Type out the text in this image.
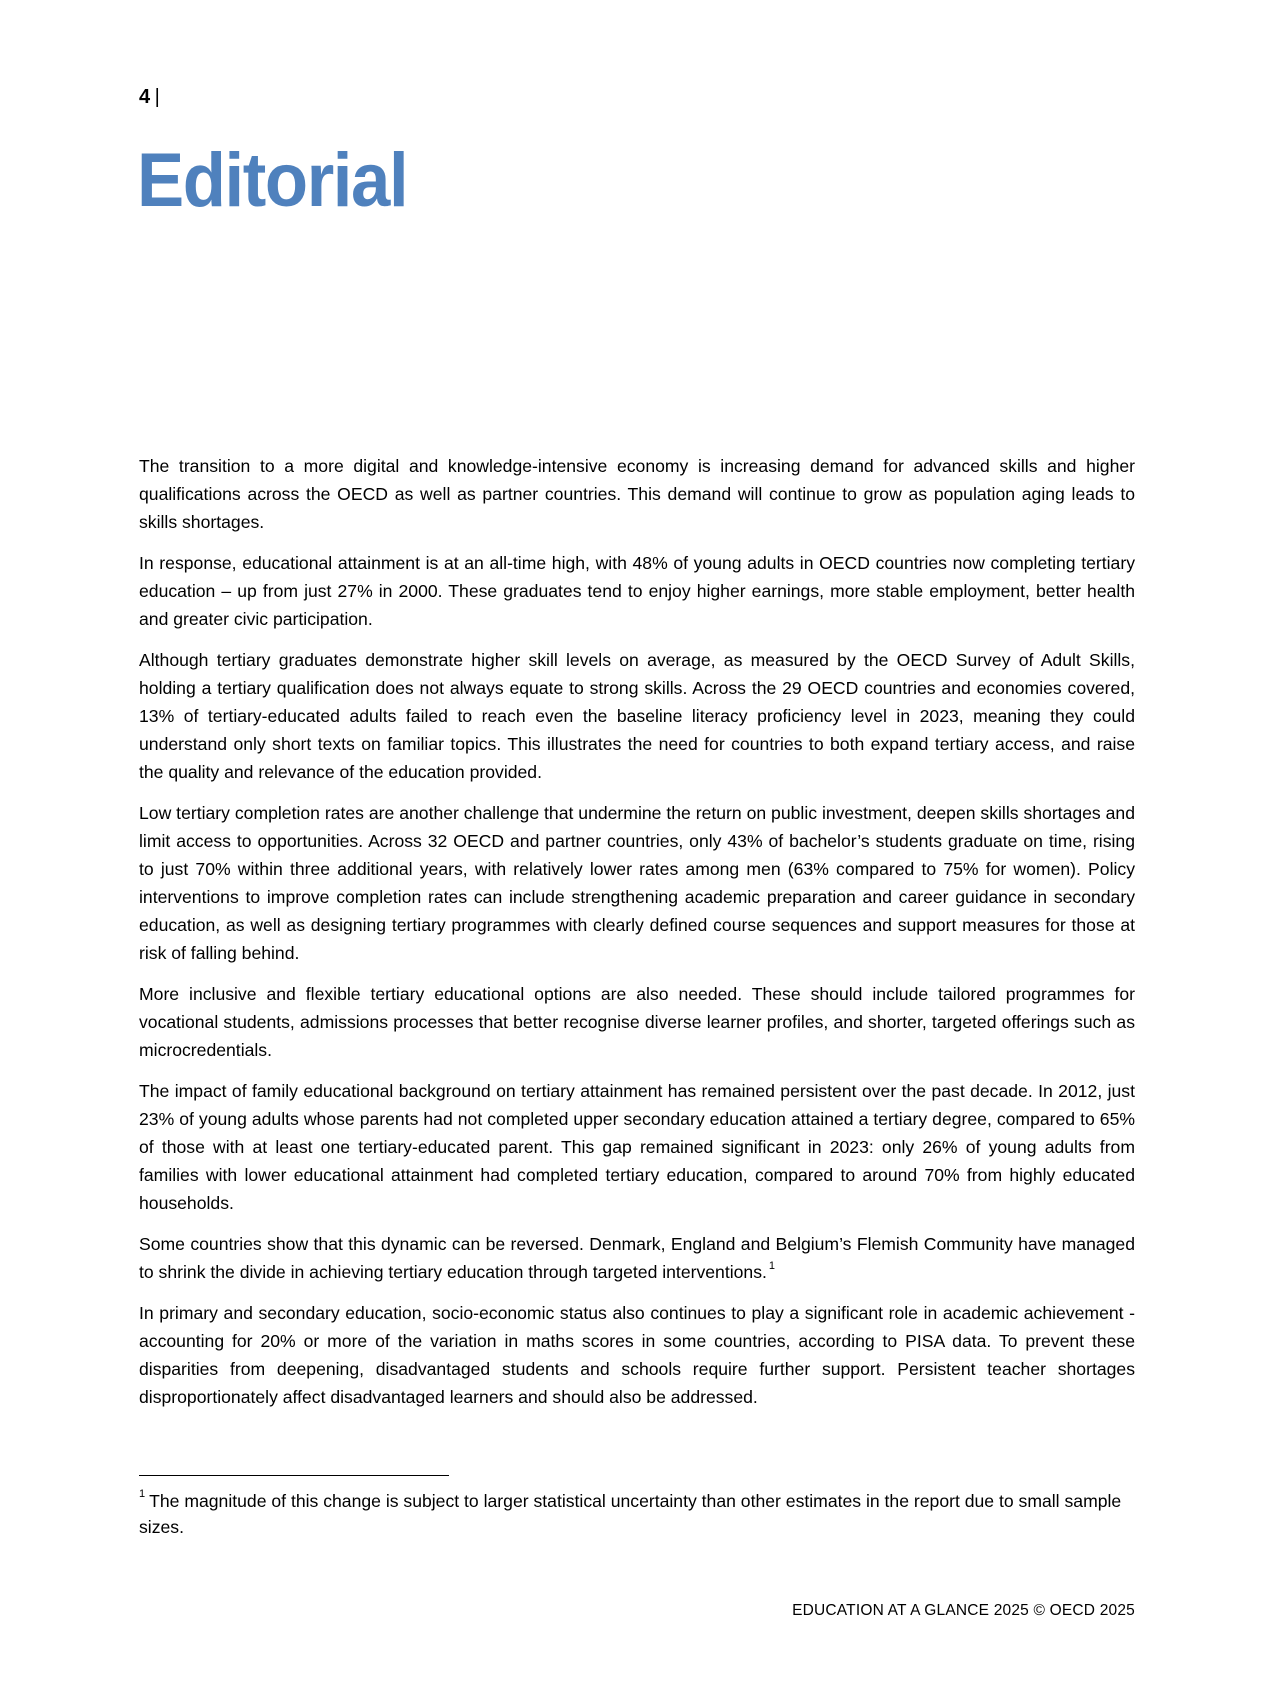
4 |
Editorial

The transition to a more digital and knowledge-intensive economy is increasing demand for advanced skills and higher qualifications across the OECD as well as partner countries. This demand will continue to grow as population aging leads to skills shortages.

In response, educational attainment is at an all-time high, with 48% of young adults in OECD countries now completing tertiary education – up from just 27% in 2000. These graduates tend to enjoy higher earnings, more stable employment, better health and greater civic participation.

Although tertiary graduates demonstrate higher skill levels on average, as measured by the OECD Survey of Adult Skills, holding a tertiary qualification does not always equate to strong skills. Across the 29 OECD countries and economies covered, 13% of tertiary-educated adults failed to reach even the baseline literacy proficiency level in 2023, meaning they could understand only short texts on familiar topics. This illustrates the need for countries to both expand tertiary access, and raise the quality and relevance of the education provided.

Low tertiary completion rates are another challenge that undermine the return on public investment, deepen skills shortages and limit access to opportunities. Across 32 OECD and partner countries, only 43% of bachelor’s students graduate on time, rising to just 70% within three additional years, with relatively lower rates among men (63% compared to 75% for women). Policy interventions to improve completion rates can include strengthening academic preparation and career guidance in secondary education, as well as designing tertiary programmes with clearly defined course sequences and support measures for those at risk of falling behind.

More inclusive and flexible tertiary educational options are also needed. These should include tailored programmes for vocational students, admissions processes that better recognise diverse learner profiles, and shorter, targeted offerings such as microcredentials.

The impact of family educational background on tertiary attainment has remained persistent over the past decade. In 2012, just 23% of young adults whose parents had not completed upper secondary education attained a tertiary degree, compared to 65% of those with at least one tertiary-educated parent. This gap remained significant in 2023: only 26% of young adults from families with lower educational attainment had completed tertiary education, compared to around 70% from highly educated households.

Some countries show that this dynamic can be reversed. Denmark, England and Belgium’s Flemish Community have managed to shrink the divide in achieving tertiary education through targeted interventions. $^1$

In primary and secondary education, socio-economic status also continues to play a significant role in academic achievement - accounting for 20% or more of the variation in maths scores in some countries, according to PISA data. To prevent these disparities from deepening, disadvantaged students and schools require further support. Persistent teacher shortages disproportionately affect disadvantaged learners and should also be addressed.

$^1$ The magnitude of this change is subject to larger statistical uncertainty than other estimates in the report due to small sample sizes.

EDUCATION AT A GLANCE 2025 © OECD 2025
